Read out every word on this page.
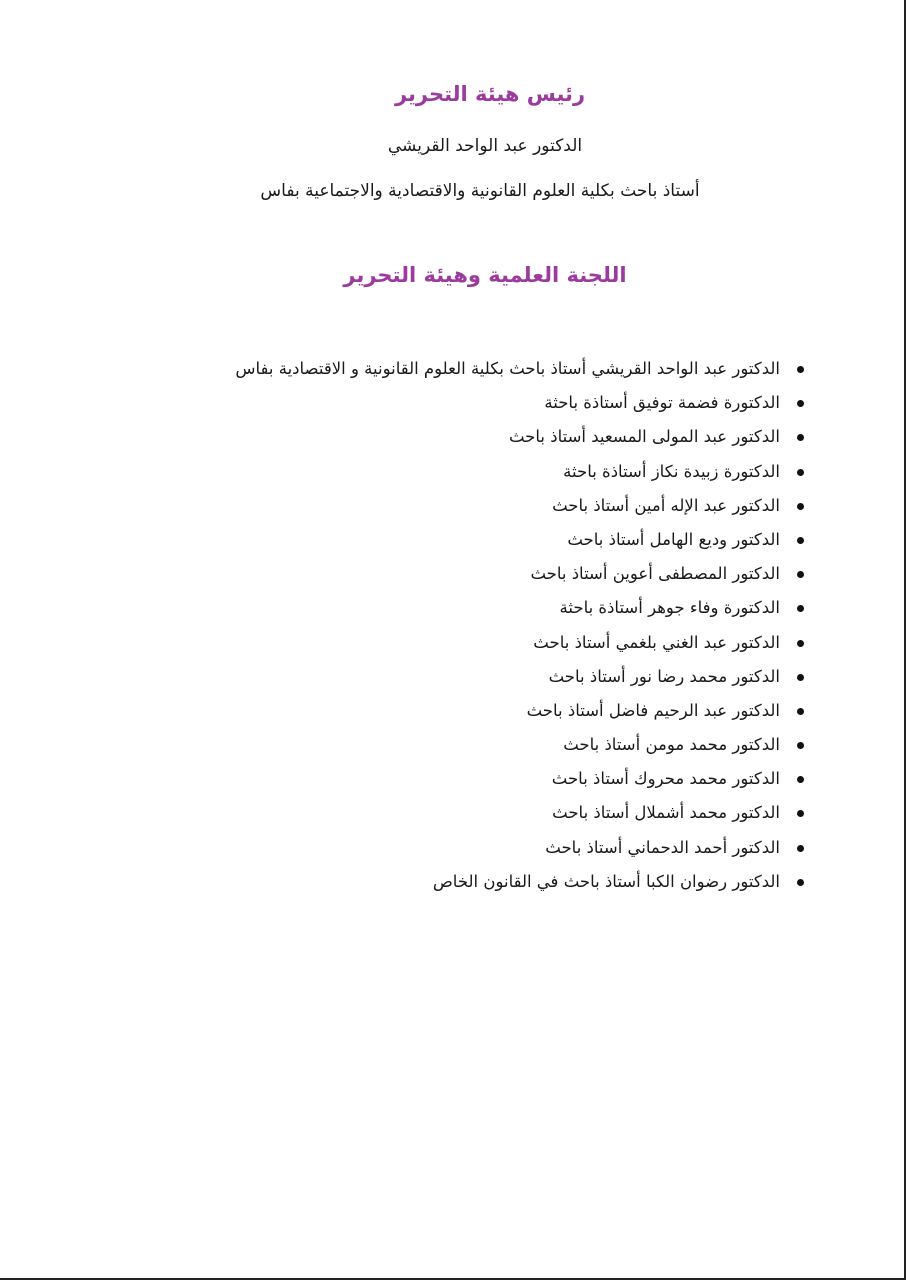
رئيس هيئة التحرير
الدكتور عبد الواحد القريشي
أستاذ باحث بكلية العلوم القانونية والاقتصادية والاجتماعية بفاس
اللجنة العلمية وهيئة التحرير
الدكتور عبد الواحد القريشي أستاذ باحث بكلية العلوم القانونية و الاقتصادية بفاس
الدكتورة فضمة توفيق أستاذة باحثة
الدكتور عبد المولى المسعيد أستاذ باحث
الدكتورة زبيدة نكاز أستاذة باحثة
الدكتور عبد الإله أمين أستاذ باحث
الدكتور وديع الهامل أستاذ باحث
الدكتور المصطفى أعوين أستاذ باحث
الدكتورة وفاء جوهر أستاذة باحثة
الدكتور عبد الغني بلغمي أستاذ باحث
الدكتور محمد رضا نور أستاذ باحث
الدكتور عبد الرحيم فاضل أستاذ باحث
الدكتور محمد مومن أستاذ باحث
الدكتور محمد محروك أستاذ باحث
الدكتور محمد أشملال أستاذ باحث
الدكتور أحمد الدحماني أستاذ باحث
الدكتور رضوان الكبا أستاذ باحث في القانون الخاص
